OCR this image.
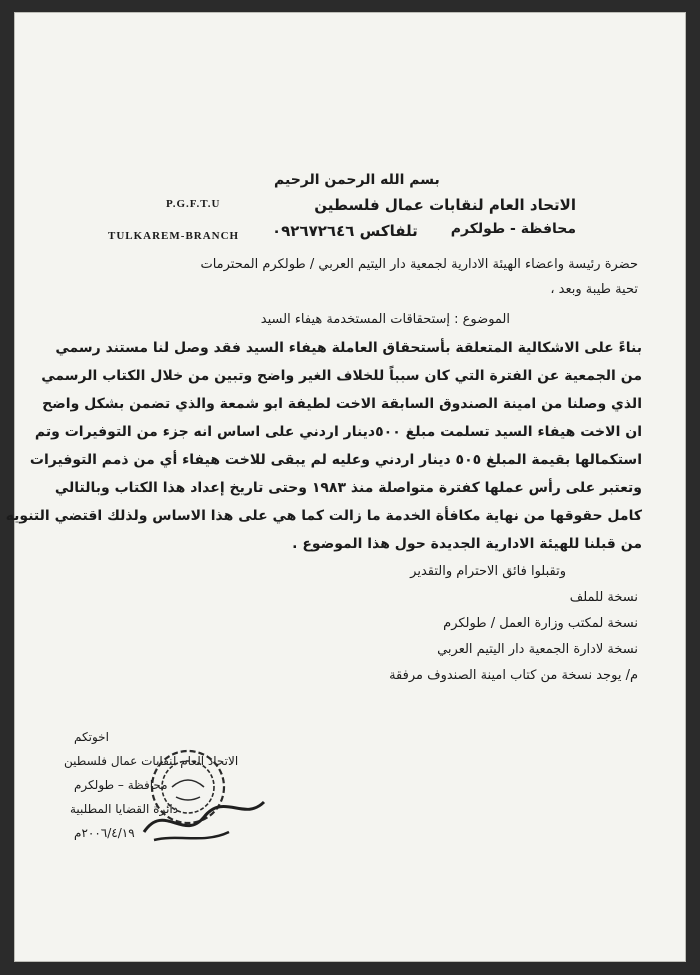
بسم الله الرحمن الرحيم
الاتحاد العام لنقابات عمال فلسطين
محافظة - طولكرم
تلفاكس ٠٩٢٦٧٢٦٤٦
P.G.F.T.U
TULKAREM-BRANCH
حضرة رئيسة واعضاء الهيئة الادارية لجمعية دار اليتيم العربي / طولكرم المحترمات
تحية طيبة وبعد ،
الموضوع : إستحقاقات المستخدمة هيفاء السيد
بناءً على الاشكالية المتعلقة بأستحقاق العاملة هيفاء السيد فقد وصل لنا مستند رسمي
من الجمعية عن الفترة التي كان سبباً للخلاف الغير واضح وتبين من خلال الكتاب الرسمي
الذي وصلنا من امينة الصندوق السابقة الاخت لطيفة ابو شمعة والذي تضمن بشكل واضح
ان الاخت هيفاء السيد تسلمت مبلغ ٥٠٠دينار اردني على اساس انه جزء من التوفيرات وتم
استكمالها بقيمة المبلغ ٥٠٥ دينار اردني وعليه لم يبقى للاخت هيفاء أي من ذمم التوفيرات
وتعتبر على رأس عملها كفترة متواصلة منذ ١٩٨٣ وحتى تاريخ إعداد هذا الكتاب وبالتالي
كامل حقوقها من نهاية مكافأة الخدمة ما زالت كما هي على هذا الاساس ولذلك اقتضي التنويه
من قبلنا للهيئة الادارية الجديدة حول هذا الموضوع .
وتقبلوا فائق الاحترام والتقدير
نسخة للملف
نسخة لمكتب وزارة العمل / طولكرم
نسخة لادارة الجمعية دار اليتيم العربي
م/ يوجد نسخة من كتاب امينة الصندوف مرفقة
اخوتكم
الاتحاد العام لنقابات عمال فلسطين
محافظة – طولكرم
دائرة القضايا المطلبية
٢٠٠٦/٤/١٩م
